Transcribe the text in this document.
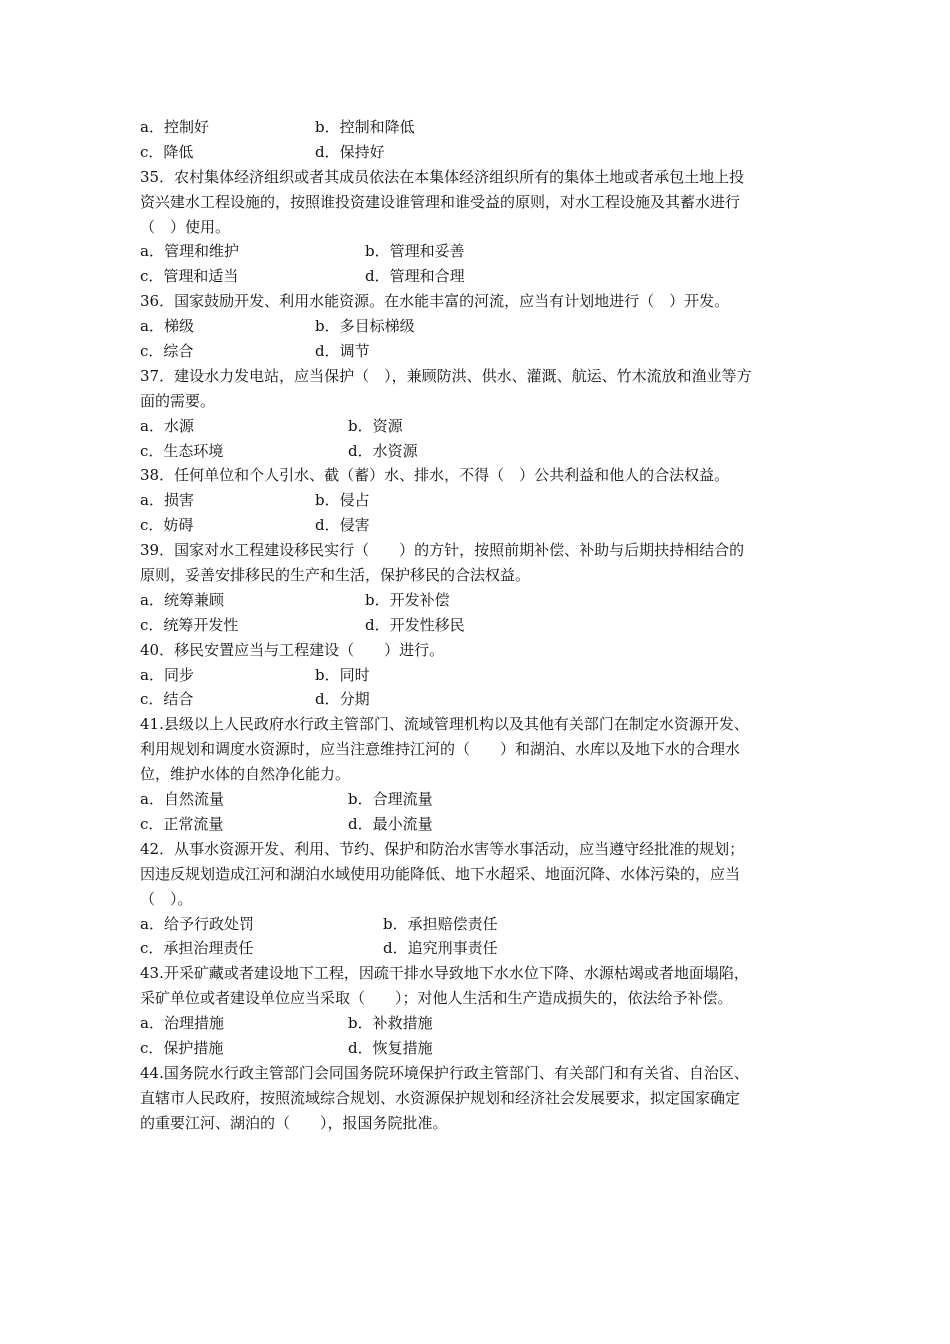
a．控制好	b．控制和降低
c．降低	d．保持好
35．农村集体经济组织或者其成员依法在本集体经济组织所有的集体土地或者承包土地上投
资兴建水工程设施的，按照谁投资建设谁管理和谁受益的原则，对水工程设施及其蓄水进行
（　）使用。
a．管理和维护	b．管理和妥善
c．管理和适当	d．管理和合理
36．国家鼓励开发、利用水能资源。在水能丰富的河流，应当有计划地进行（　）开发。
a．梯级	b．多目标梯级
c．综合	d．调节
37．建设水力发电站，应当保护（　），兼顾防洪、供水、灌溉、航运、竹木流放和渔业等方
面的需要。
a．水源	b．资源
c．生态环境	d．水资源
38．任何单位和个人引水、截（蓄）水、排水，不得（　）公共利益和他人的合法权益。
a．损害	b．侵占
c．妨碍	d．侵害
39．国家对水工程建设移民实行（　　）的方针，按照前期补偿、补助与后期扶持相结合的
原则，妥善安排移民的生产和生活，保护移民的合法权益。
a．统筹兼顾	b．开发补偿
c．统筹开发性	d．开发性移民
40．移民安置应当与工程建设（　　）进行。
a．同步	b．同时
c．结合	d．分期
41.县级以上人民政府水行政主管部门、流域管理机构以及其他有关部门在制定水资源开发、
利用规划和调度水资源时，应当注意维持江河的（　　）和湖泊、水库以及地下水的合理水
位，维护水体的自然净化能力。
a．自然流量	b．合理流量
c．正常流量	d．最小流量
42．从事水资源开发、利用、节约、保护和防治水害等水事活动，应当遵守经批准的规划；
因违反规划造成江河和湖泊水域使用功能降低、地下水超采、地面沉降、水体污染的，应当
（　）。
a．给予行政处罚	b．承担赔偿责任
c．承担治理责任	d．追究刑事责任
43.开采矿藏或者建设地下工程，因疏干排水导致地下水水位下降、水源枯竭或者地面塌陷，
采矿单位或者建设单位应当采取（　　）；对他人生活和生产造成损失的，依法给予补偿。
a．治理措施	b．补救措施
c．保护措施	d．恢复措施
44.国务院水行政主管部门会同国务院环境保护行政主管部门、有关部门和有关省、自治区、
直辖市人民政府，按照流域综合规划、水资源保护规划和经济社会发展要求，拟定国家确定
的重要江河、湖泊的（　　），报国务院批准。
